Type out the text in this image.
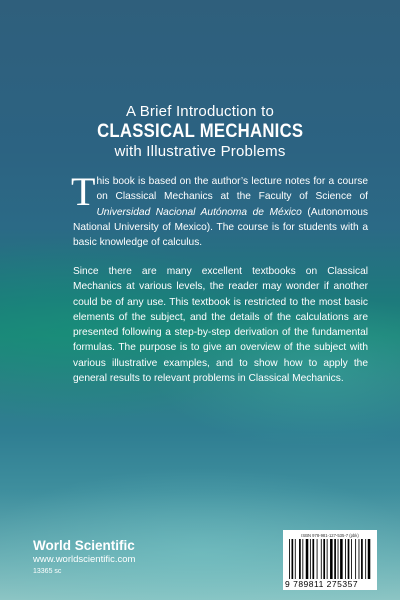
A Brief Introduction to
CLASSICAL MECHANICS
with Illustrative Problems
This book is based on the author’s lecture notes for a course on Classical Mechanics at the Faculty of Science of Universidad Nacional Autónoma de México (Autonomous National University of Mexico). The course is for students with a basic knowledge of calculus.
Since there are many excellent textbooks on Classical Mechanics at various levels, the reader may wonder if another could be of any use. This textbook is restricted to the most basic elements of the subject, and the details of the calculations are presented following a step-by-step derivation of the fundamental formulas. The purpose is to give an overview of the subject with various illustrative examples, and to show how to apply the general results to relevant problems in Classical Mechanics.
World Scientific
www.worldscientific.com
13365 sc
ISBN 978-981-127-535-7 (pbk)
9 789811 275357
